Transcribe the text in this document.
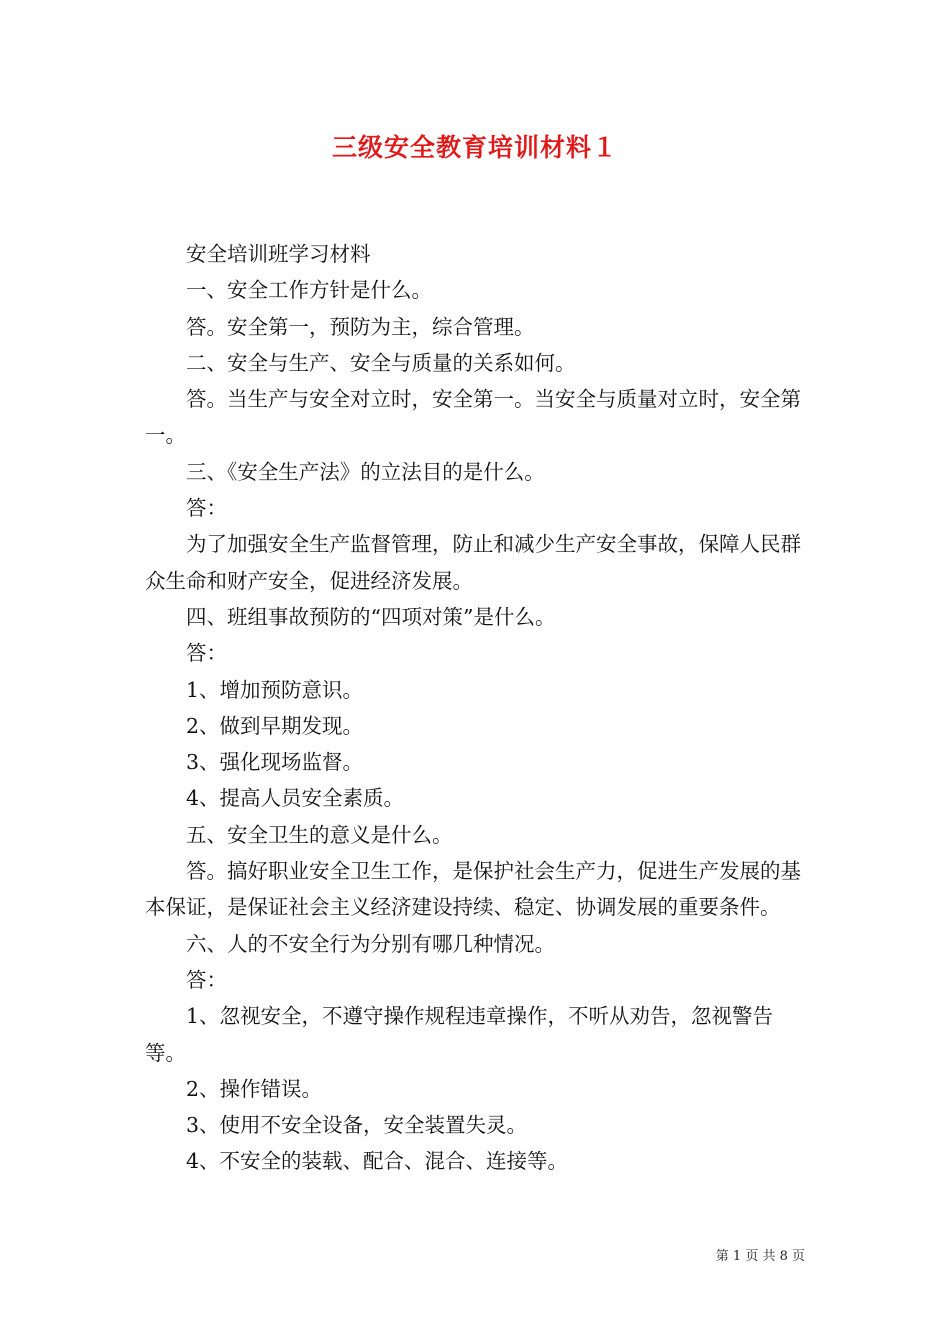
三级安全教育培训材料１

安全培训班学习材料

一、安全工作方针是什么。

答。安全第一，预防为主，综合管理。

二、安全与生产、安全与质量的关系如何。

答。当生产与安全对立时，安全第一。当安全与质量对立时，安全第一。

三、《安全生产法》的立法目的是什么。

答：

为了加强安全生产监督管理，防止和减少生产安全事故，保障人民群众生命和财产安全，促进经济发展。

四、班组事故预防的“四项对策”是什么。

答：

1、增加预防意识。

2、做到早期发现。

3、强化现场监督。

4、提高人员安全素质。

五、安全卫生的意义是什么。

答。搞好职业安全卫生工作，是保护社会生产力，促进生产发展的基本保证，是保证社会主义经济建设持续、稳定、协调发展的重要条件。

六、人的不安全行为分别有哪几种情况。

答：

1、忽视安全，不遵守操作规程违章操作，不听从劝告，忽视警告等。

2、操作错误。

3、使用不安全设备，安全装置失灵。

4、不安全的装载、配合、混合、连接等。

第 1 页 共 8 页
